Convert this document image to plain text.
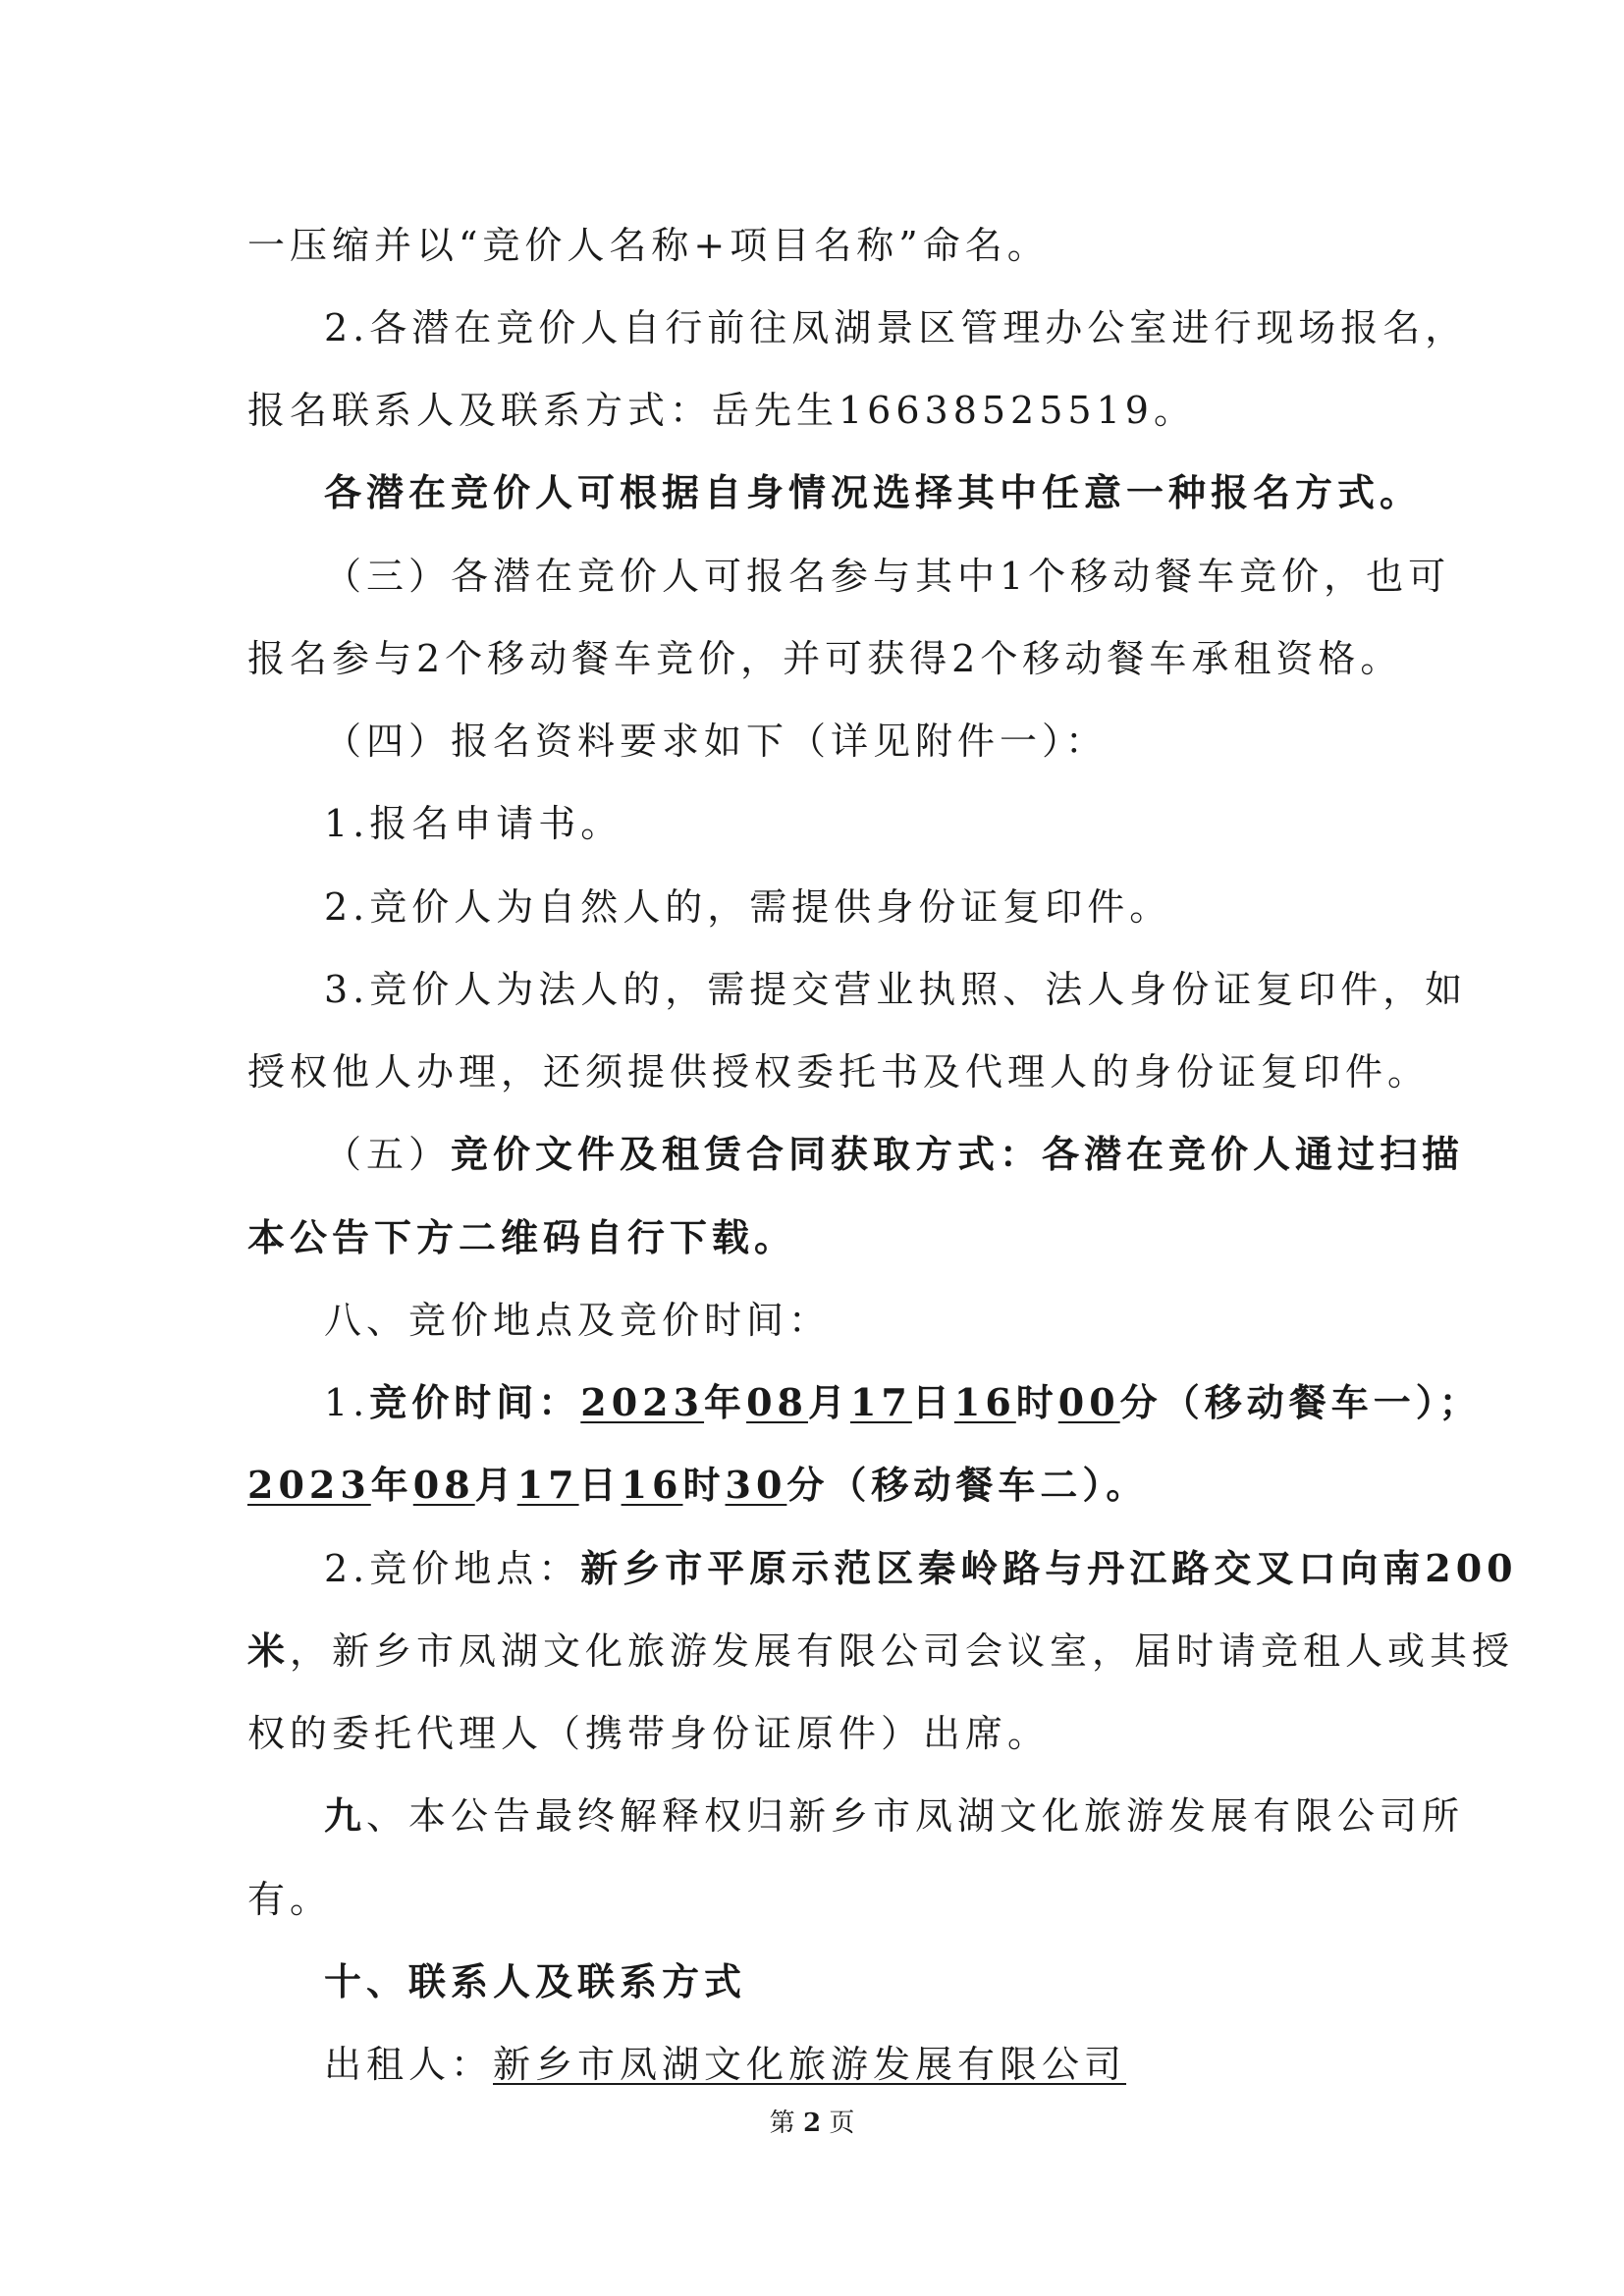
一压缩并以“竞价人名称+项目名称”命名。
2.各潜在竞价人自行前往凤湖景区管理办公室进行现场报名，
报名联系人及联系方式：岳先生16638525519。
各潜在竞价人可根据自身情况选择其中任意一种报名方式。
（三）各潜在竞价人可报名参与其中1个移动餐车竞价，也可
报名参与2个移动餐车竞价，并可获得2个移动餐车承租资格。
（四）报名资料要求如下（详见附件一）：
1.报名申请书。
2.竞价人为自然人的，需提供身份证复印件。
3.竞价人为法人的，需提交营业执照、法人身份证复印件，如
授权他人办理，还须提供授权委托书及代理人的身份证复印件。
（五）竞价文件及租赁合同获取方式：各潜在竞价人通过扫描
本公告下方二维码自行下载。
八、竞价地点及竞价时间：
1.竞价时间：2023年08月17日16时00分（移动餐车一）；
2023年08月17日16时30分（移动餐车二）。
2.竞价地点：新乡市平原示范区秦岭路与丹江路交叉口向南200
米，新乡市凤湖文化旅游发展有限公司会议室，届时请竞租人或其授
权的委托代理人（携带身份证原件）出席。
九、本公告最终解释权归新乡市凤湖文化旅游发展有限公司所
有。
十、联系人及联系方式
出租人：新乡市凤湖文化旅游发展有限公司
第 2 页
